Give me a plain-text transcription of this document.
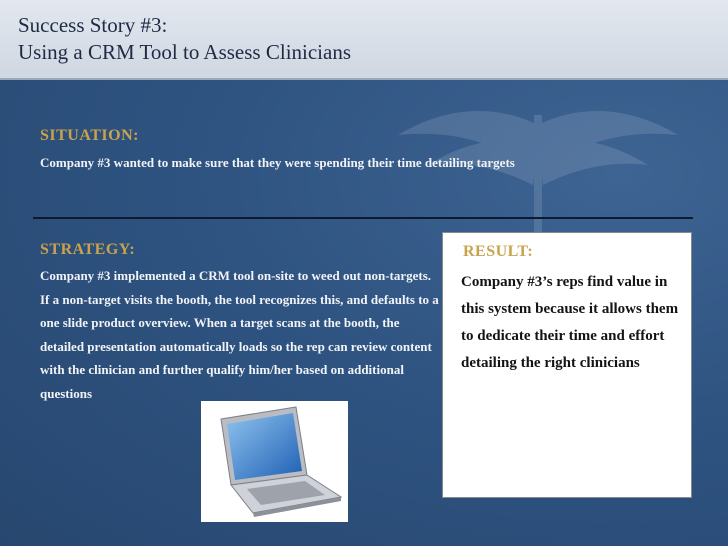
Success Story #3:
Using a CRM Tool to Assess Clinicians
SITUATION:
Company #3 wanted to make sure that they were spending their time detailing targets
STRATEGY:
Company #3 implemented a CRM tool on-site to weed out non-targets. If a non-target visits the booth, the tool recognizes this, and defaults to a one slide product overview. When a target scans at the booth, the detailed presentation automatically loads so the rep can review content with the clinician and further qualify him/her based on additional questions
RESULT:
Company #3’s reps find value in this system because it allows them to dedicate their time and effort detailing the right clinicians
